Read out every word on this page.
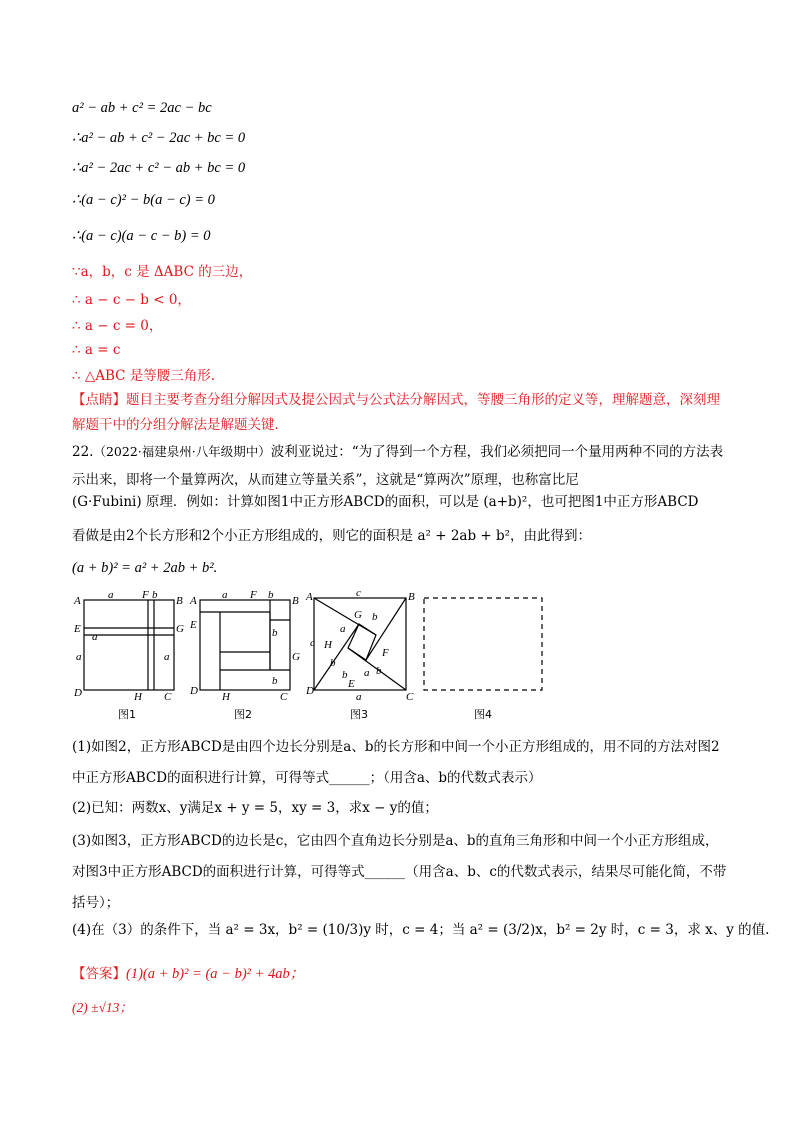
a² − ab + c² = 2ac − bc
∴a² − ab + c² − 2ac + bc = 0
∴a² − 2ac + c² − ab + bc = 0
∴(a − c)² − b(a − c) = 0
∴(a − c)(a − c − b) = 0
∵a，b，c 是 ΔABC 的三边，
∴ a − c − b < 0，
∴ a − c = 0，
∴ a = c
∴ △ABC 是等腰三角形.
【点睛】题目主要考查分组分解因式及提公因式与公式法分解因式，等腰三角形的定义等，理解题意，深刻理解题干中的分组分解法是解题关键.
22.（2022·福建泉州·八年级期中）波利亚说过：“为了得到一个方程，我们必须把同一个量用两种不同的方法表示出来，即将一个量算两次，从而建立等量关系”，这就是“算两次”原理，也称富比尼
(G·Fubini) 原理．例如：计算如图1中正方形ABCD的面积，可以是 (a+b)²，也可把图1中正方形ABCD
看做是由2个长方形和2个小正方形组成的，则它的面积是 a² + 2ab + b²，由此得到：
(a + b)² = a² + 2ab + b².
A a	F b B
E	G
a
a	a
D	H C
图1
A a F b B
E
b
G
b
D H	C
图2
A	c	B
G b
a
H
c
F
b
b a
E
b
D	a	C
图3	图4
(1)如图2，正方形ABCD是由四个边长分别是a、b的长方形和中间一个小正方形组成的，用不同的方法对图2中正方形ABCD的面积进行计算，可得等式______；（用含a、b的代数式表示）
(2)已知：两数x、y满足x + y = 5，xy = 3，求x − y的值；
(3)如图3，正方形ABCD的边长是c，它由四个直角边长分别是a、b的直角三角形和中间一个小正方形组成，对图3中正方形ABCD的面积进行计算，可得等式______（用含a、b、c的代数式表示，结果尽可能化简，不带括号）；
(4)在（3）的条件下，当 a² = 3x，b² = (10/3)y 时，c = 4；当 a² = (3/2)x，b² = 2y 时，c = 3，求 x、y 的值.
【答案】(1)(a + b)² = (a − b)² + 4ab；
(2) ±√13；
